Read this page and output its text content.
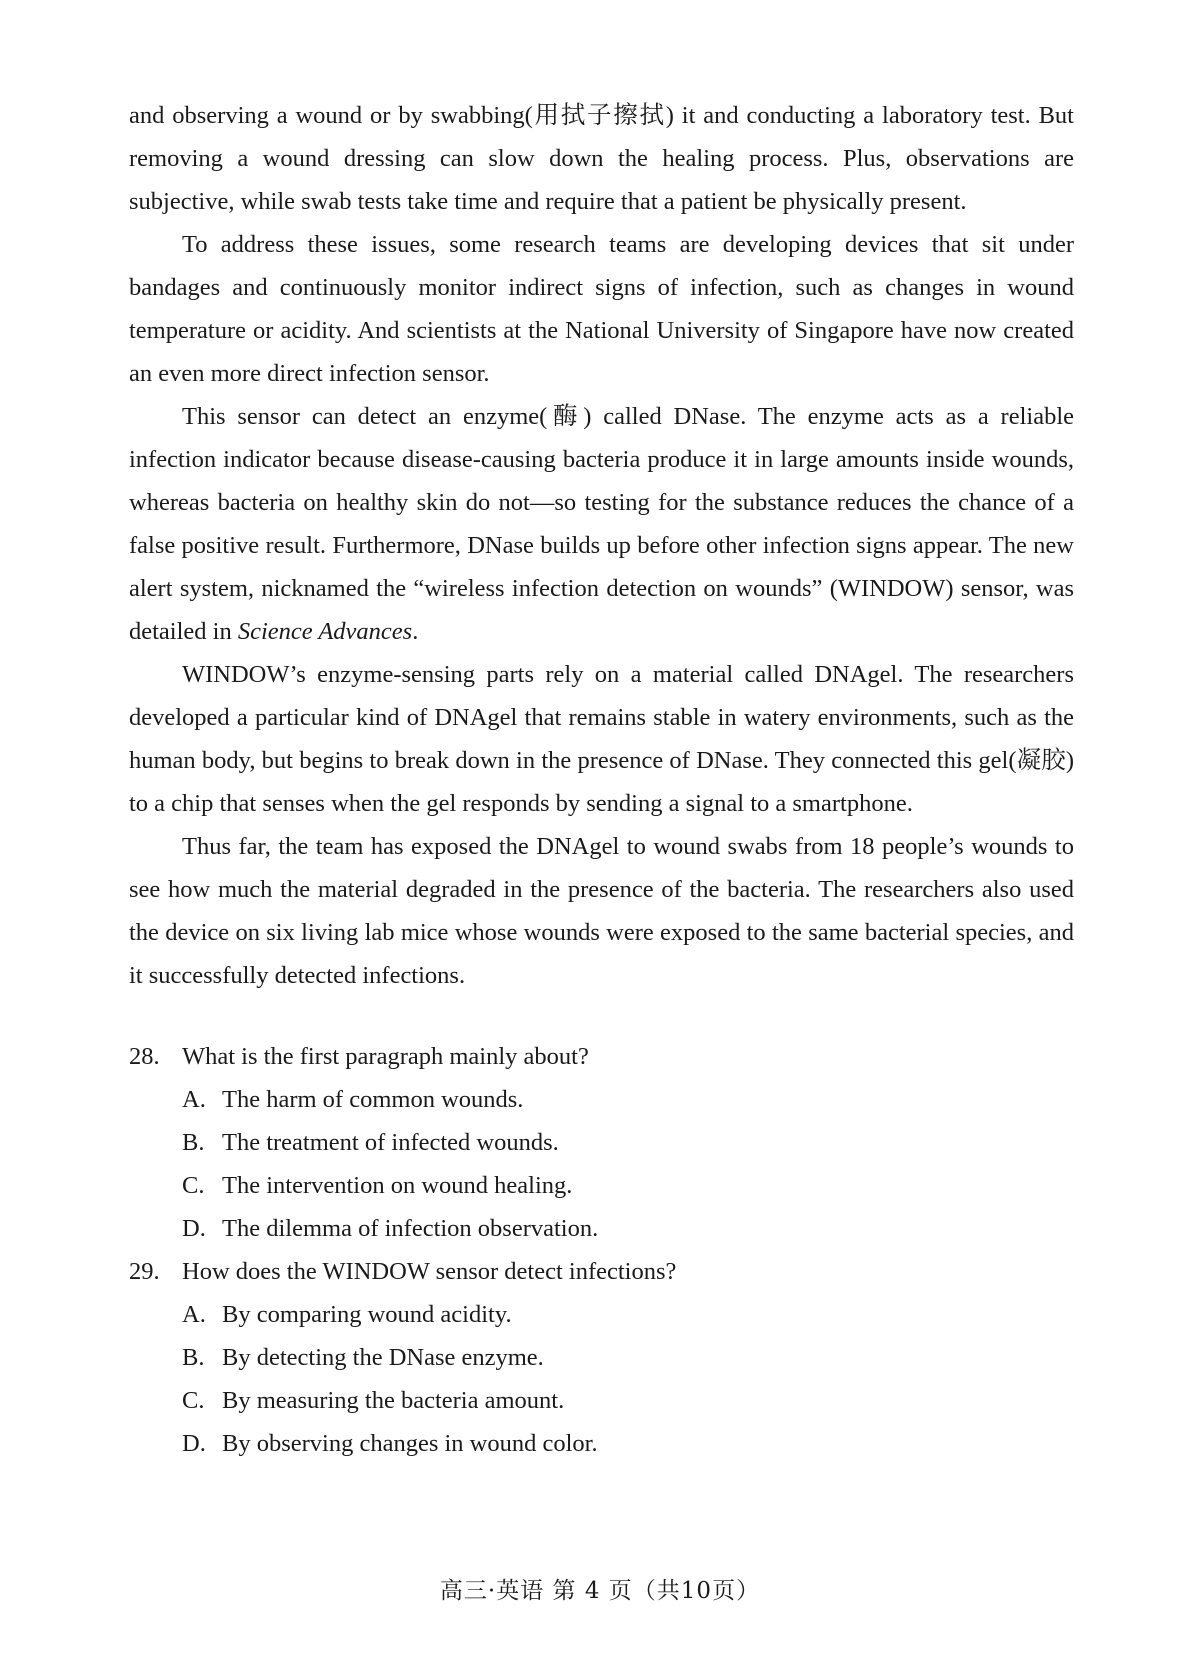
and observing a wound or by swabbing(用拭子擦拭) it and conducting a laboratory test. But removing a wound dressing can slow down the healing process. Plus, observations are subjective, while swab tests take time and require that a patient be physically present.

To address these issues, some research teams are developing devices that sit under bandages and continuously monitor indirect signs of infection, such as changes in wound temperature or acidity. And scientists at the National University of Singapore have now created an even more direct infection sensor.

This sensor can detect an enzyme(酶) called DNase. The enzyme acts as a reliable infection indicator because disease-causing bacteria produce it in large amounts inside wounds, whereas bacteria on healthy skin do not—so testing for the substance reduces the chance of a false positive result. Furthermore, DNase builds up before other infection signs appear. The new alert system, nicknamed the “wireless infection detection on wounds” (WINDOW) sensor, was detailed in Science Advances.

WINDOW’s enzyme-sensing parts rely on a material called DNAgel. The researchers developed a particular kind of DNAgel that remains stable in watery environments, such as the human body, but begins to break down in the presence of DNase. They connected this gel(凝胶) to a chip that senses when the gel responds by sending a signal to a smartphone.

Thus far, the team has exposed the DNAgel to wound swabs from 18 people’s wounds to see how much the material degraded in the presence of the bacteria. The researchers also used the device on six living lab mice whose wounds were exposed to the same bacterial species, and it successfully detected infections.

28. What is the first paragraph mainly about?

A. The harm of common wounds.

B. The treatment of infected wounds.

C. The intervention on wound healing.

D. The dilemma of infection observation.

29. How does the WINDOW sensor detect infections?

A. By comparing wound acidity.

B. By detecting the DNase enzyme.

C. By measuring the bacteria amount.

D. By observing changes in wound color.

高三·英语 第 4 页（共10页）
